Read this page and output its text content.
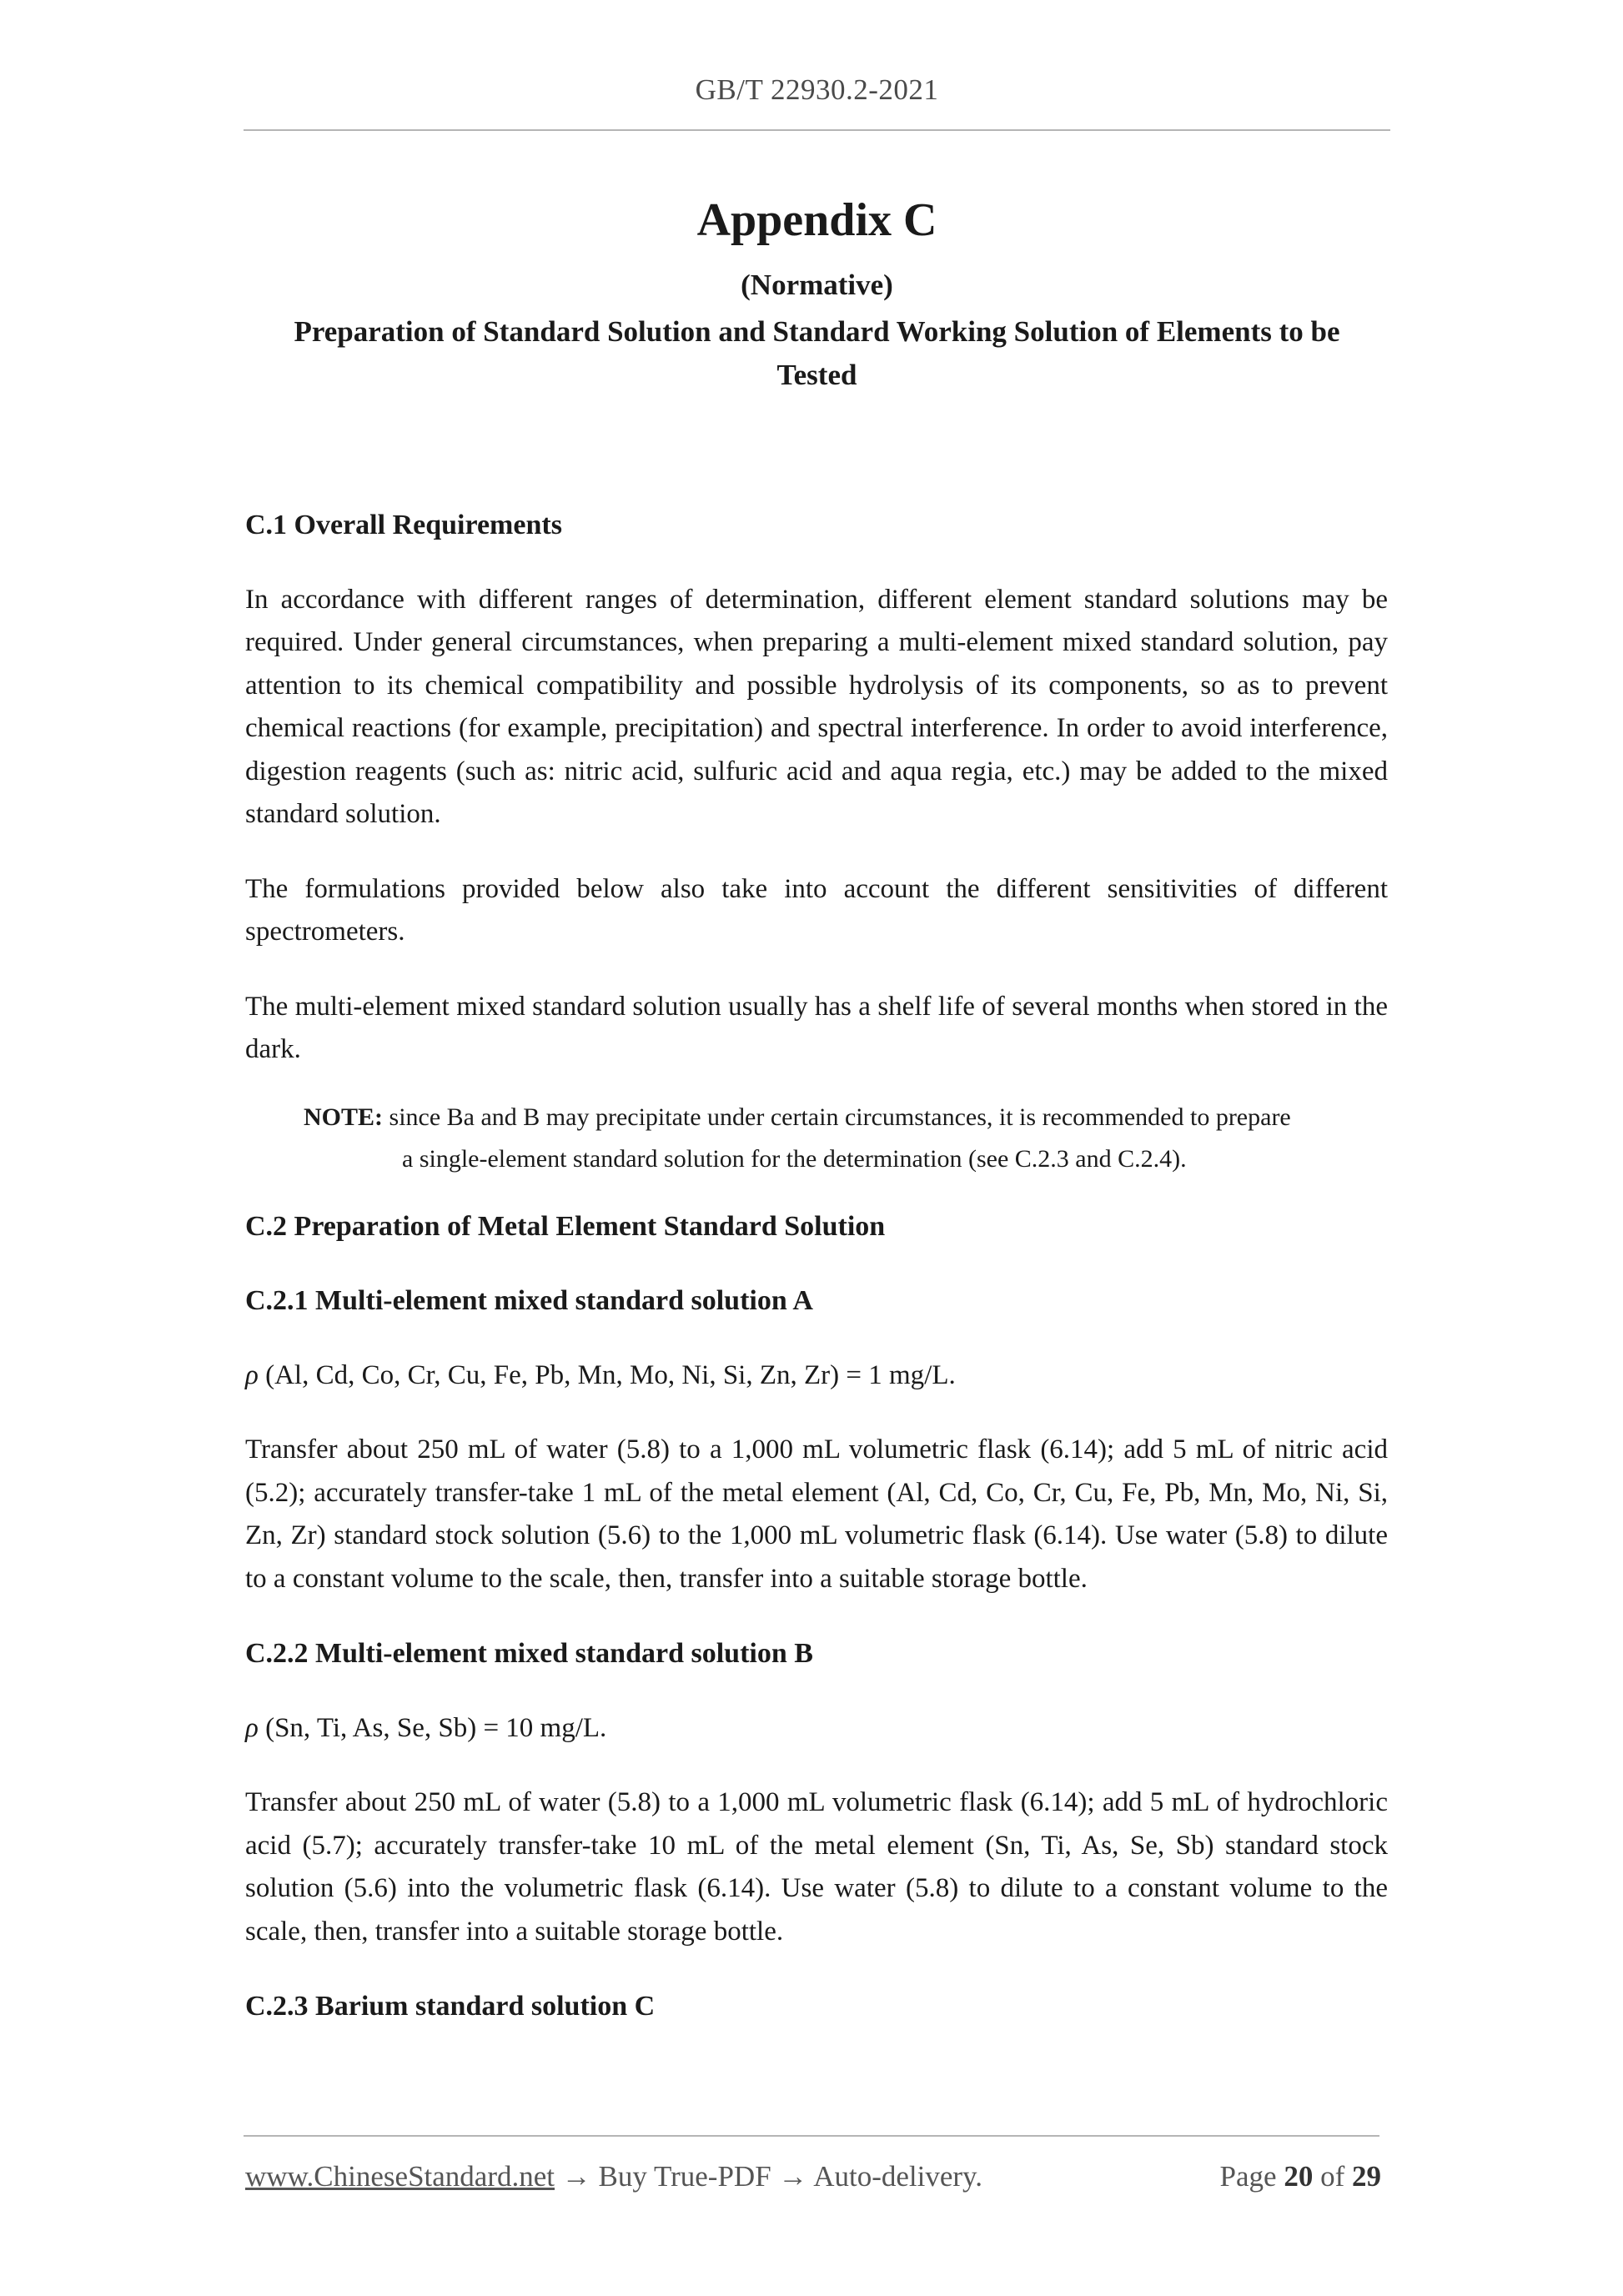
GB/T 22930.2-2021
Appendix C
(Normative)
Preparation of Standard Solution and Standard Working Solution of Elements to be
Tested

C.1 Overall Requirements

In accordance with different ranges of determination, different element standard solutions may be required. Under general circumstances, when preparing a multi-element mixed standard solution, pay attention to its chemical compatibility and possible hydrolysis of its components, so as to prevent chemical reactions (for example, precipitation) and spectral interference. In order to avoid interference, digestion reagents (such as: nitric acid, sulfuric acid and aqua regia, etc.) may be added to the mixed standard solution.

The formulations provided below also take into account the different sensitivities of different spectrometers.

The multi-element mixed standard solution usually has a shelf life of several months when stored in the dark.

NOTE: since Ba and B may precipitate under certain circumstances, it is recommended to prepare
a single-element standard solution for the determination (see C.2.3 and C.2.4).

C.2 Preparation of Metal Element Standard Solution

C.2.1 Multi-element mixed standard solution A

ρ (Al, Cd, Co, Cr, Cu, Fe, Pb, Mn, Mo, Ni, Si, Zn, Zr) = 1 mg/L.

Transfer about 250 mL of water (5.8) to a 1,000 mL volumetric flask (6.14); add 5 mL of nitric acid (5.2); accurately transfer-take 1 mL of the metal element (Al, Cd, Co, Cr, Cu, Fe, Pb, Mn, Mo, Ni, Si, Zn, Zr) standard stock solution (5.6) to the 1,000 mL volumetric flask (6.14). Use water (5.8) to dilute to a constant volume to the scale, then, transfer into a suitable storage bottle.

C.2.2 Multi-element mixed standard solution B

ρ (Sn, Ti, As, Se, Sb) = 10 mg/L.

Transfer about 250 mL of water (5.8) to a 1,000 mL volumetric flask (6.14); add 5 mL of hydrochloric acid (5.7); accurately transfer-take 10 mL of the metal element (Sn, Ti, As, Se, Sb) standard stock solution (5.6) into the volumetric flask (6.14). Use water (5.8) to dilute to a constant volume to the scale, then, transfer into a suitable storage bottle.

C.2.3 Barium standard solution C

www.ChineseStandard.net → Buy True-PDF → Auto-delivery.	Page 20 of 29
